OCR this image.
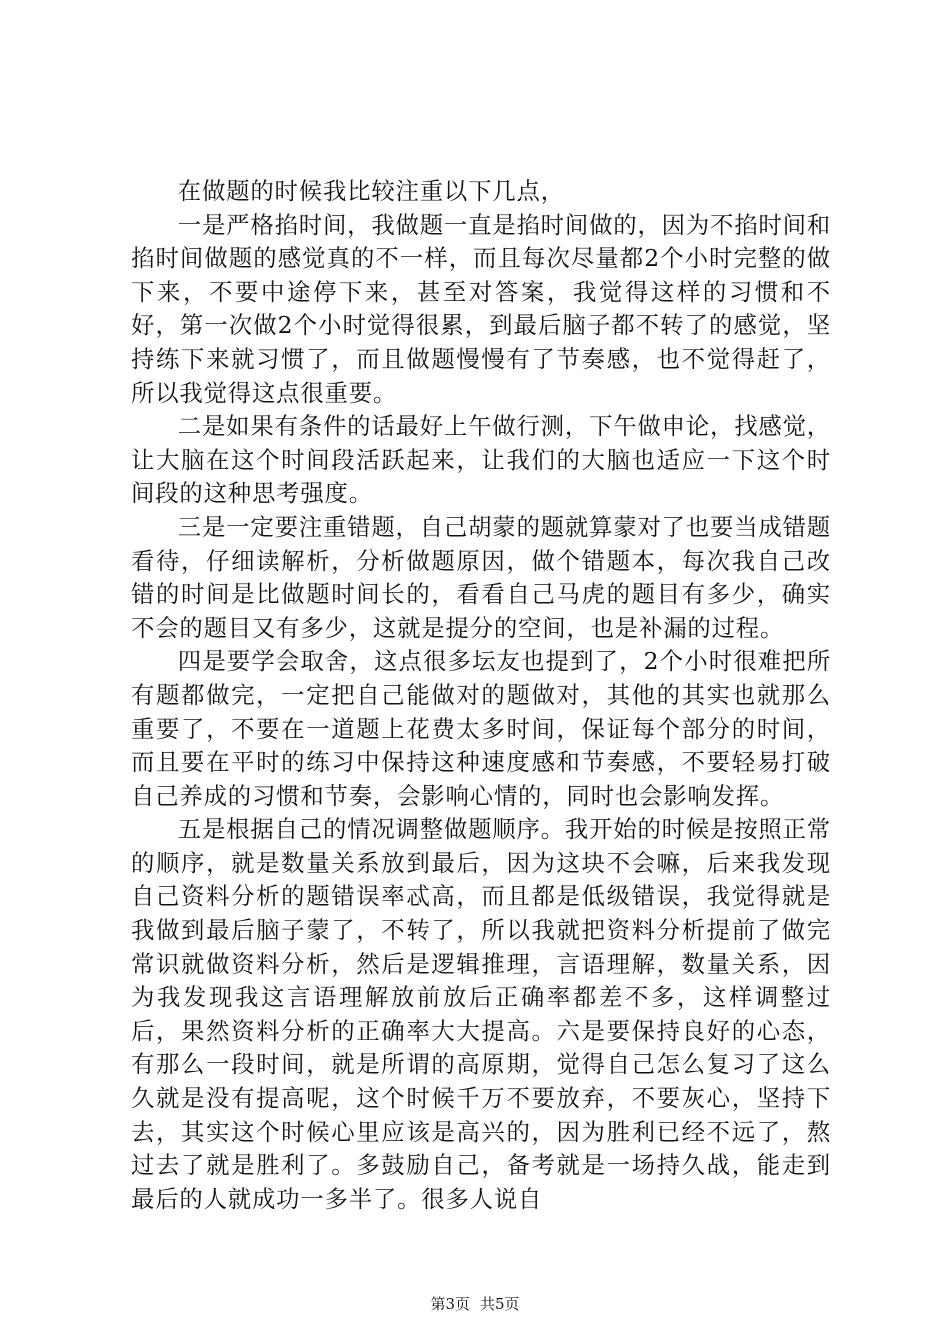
在做题的时候我比较注重以下几点，

一是严格掐时间，我做题一直是掐时间做的，因为不掐时间和掐时间做题的感觉真的不一样，而且每次尽量都2个小时完整的做下来，不要中途停下来，甚至对答案，我觉得这样的习惯和不好，第一次做2个小时觉得很累，到最后脑子都不转了的感觉，坚持练下来就习惯了，而且做题慢慢有了节奏感，也不觉得赶了，所以我觉得这点很重要。

二是如果有条件的话最好上午做行测，下午做申论，找感觉，让大脑在这个时间段活跃起来，让我们的大脑也适应一下这个时间段的这种思考强度。

三是一定要注重错题，自己胡蒙的题就算蒙对了也要当成错题看待，仔细读解析，分析做题原因，做个错题本，每次我自己改错的时间是比做题时间长的，看看自己马虎的题目有多少，确实不会的题目又有多少，这就是提分的空间，也是补漏的过程。

四是要学会取舍，这点很多坛友也提到了，2个小时很难把所有题都做完，一定把自己能做对的题做对，其他的其实也就那么重要了，不要在一道题上花费太多时间，保证每个部分的时间，而且要在平时的练习中保持这种速度感和节奏感，不要轻易打破自己养成的习惯和节奏，会影响心情的，同时也会影响发挥。

五是根据自己的情况调整做题顺序。我开始的时候是按照正常的顺序，就是数量关系放到最后，因为这块不会嘛，后来我发现自己资料分析的题错误率忒高，而且都是低级错误，我觉得就是我做到最后脑子蒙了，不转了，所以我就把资料分析提前了做完常识就做资料分析，然后是逻辑推理，言语理解，数量关系，因为我发现我这言语理解放前放后正确率都差不多，这样调整过后，果然资料分析的正确率大大提高。六是要保持良好的心态，有那么一段时间，就是所谓的高原期，觉得自己怎么复习了这么久就是没有提高呢，这个时候千万不要放弃，不要灰心，坚持下去，其实这个时候心里应该是高兴的，因为胜利已经不远了，熬过去了就是胜利了。多鼓励自己，备考就是一场持久战，能走到最后的人就成功一多半了。很多人说自

第3页 共5页
